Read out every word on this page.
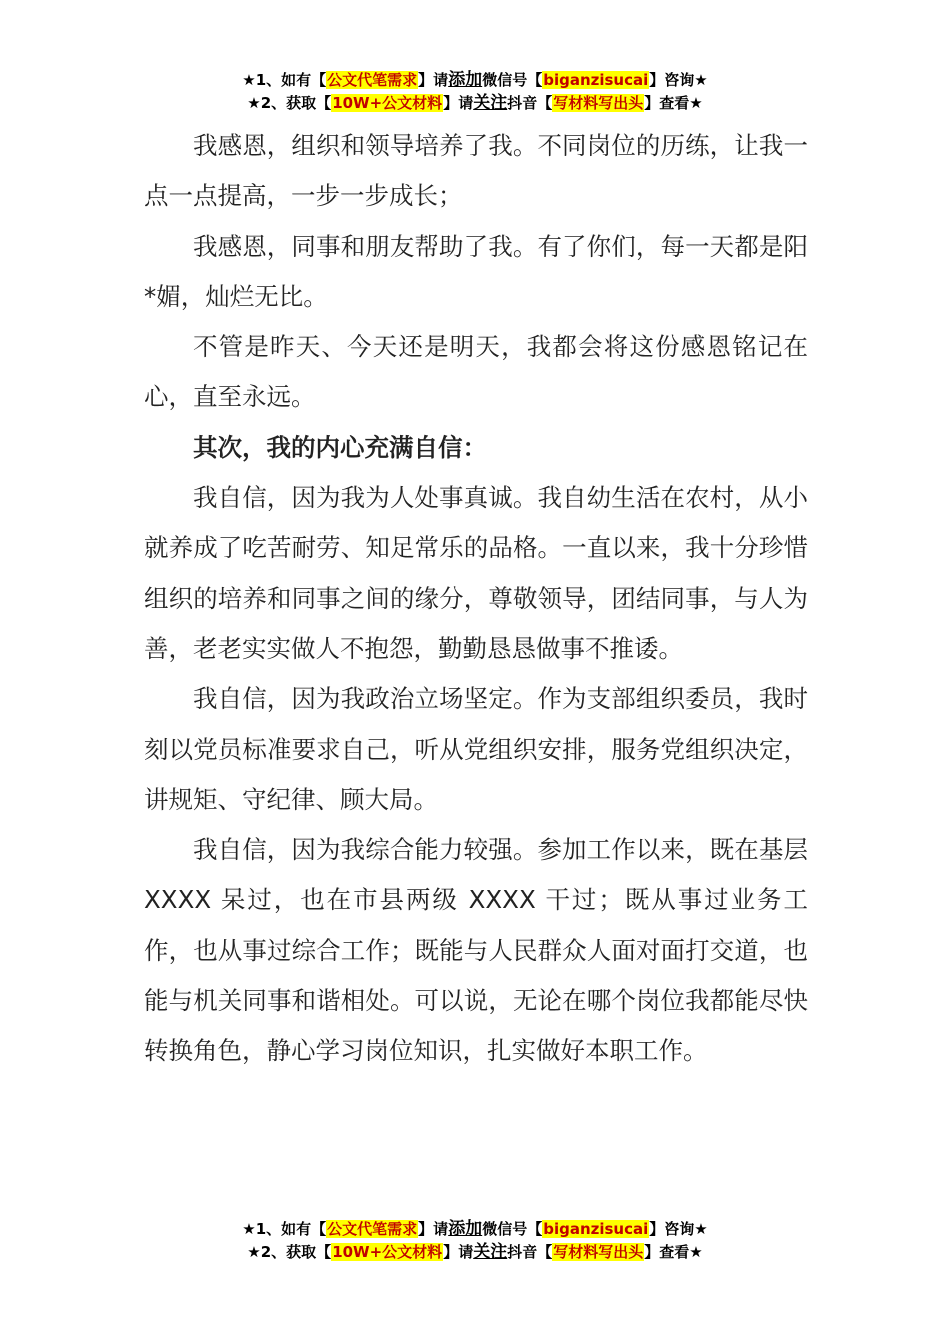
★1、如有【公文代笔需求】请添加微信号【biganzisucai】咨询★
★2、获取【10W+公文材料】请关注抖音【写材料写出头】查看★

我感恩，组织和领导培养了我。不同岗位的历练，让我一点一点提高，一步一步成长；

我感恩，同事和朋友帮助了我。有了你们，每一天都是阳*媚，灿烂无比。

不管是昨天、今天还是明天，我都会将这份感恩铭记在心，直至永远。

其次，我的内心充满自信：

我自信，因为我为人处事真诚。我自幼生活在农村，从小就养成了吃苦耐劳、知足常乐的品格。一直以来，我十分珍惜组织的培养和同事之间的缘分，尊敬领导，团结同事，与人为善，老老实实做人不抱怨，勤勤恳恳做事不推诿。

我自信，因为我政治立场坚定。作为支部组织委员，我时刻以党员标准要求自己，听从党组织安排，服务党组织决定，讲规矩、守纪律、顾大局。

我自信，因为我综合能力较强。参加工作以来，既在基层 XXXX 呆过，也在市县两级 XXXX 干过；既从事过业务工作，也从事过综合工作；既能与人民群众人面对面打交道，也能与机关同事和谐相处。可以说，无论在哪个岗位我都能尽快转换角色，静心学习岗位知识，扎实做好本职工作。

★1、如有【公文代笔需求】请添加微信号【biganzisucai】咨询★
★2、获取【10W+公文材料】请关注抖音【写材料写出头】查看★
